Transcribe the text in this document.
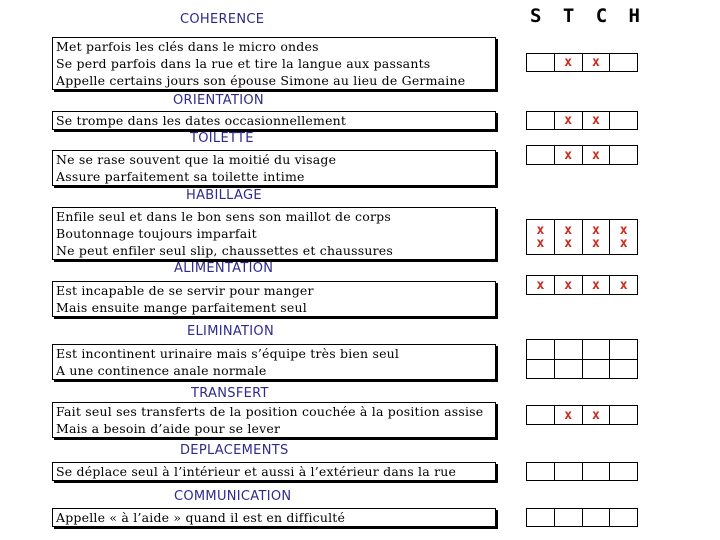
S T C H
COHERENCE
Met parfois les clés dans le micro ondes
Se perd parfois dans la rue et tire la langue aux passants
Appelle certains jours son épouse Simone au lieu de Germaine
x x
ORIENTATION
Se trompe dans les dates occasionnellement	x x
TOILETTE
Ne se rase souvent que la moitié du visage
Assure parfaitement sa toilette intime
x x
HABILLAGE
Enfile seul et dans le bon sens son maillot de corps
Boutonnage toujours imparfait
Ne peut enfiler seul slip, chaussettes et chaussures
x
x
x
x
x
x
x
x
ALIMENTATION
Est incapable de se servir pour manger
Mais ensuite mange parfaitement seul
x x x x
ELIMINATION
Est incontinent urinaire mais s’équipe très bien seul
A une continence anale normale
TRANSFERT
Fait seul ses transferts de la position couchée à la position assise
Mais a besoin d’aide pour se lever
x x
DEPLACEMENTS
Se déplace seul à l’intérieur et aussi à l’extérieur dans la rue
COMMUNICATION
Appelle « à l’aide » quand il est en difficulté
